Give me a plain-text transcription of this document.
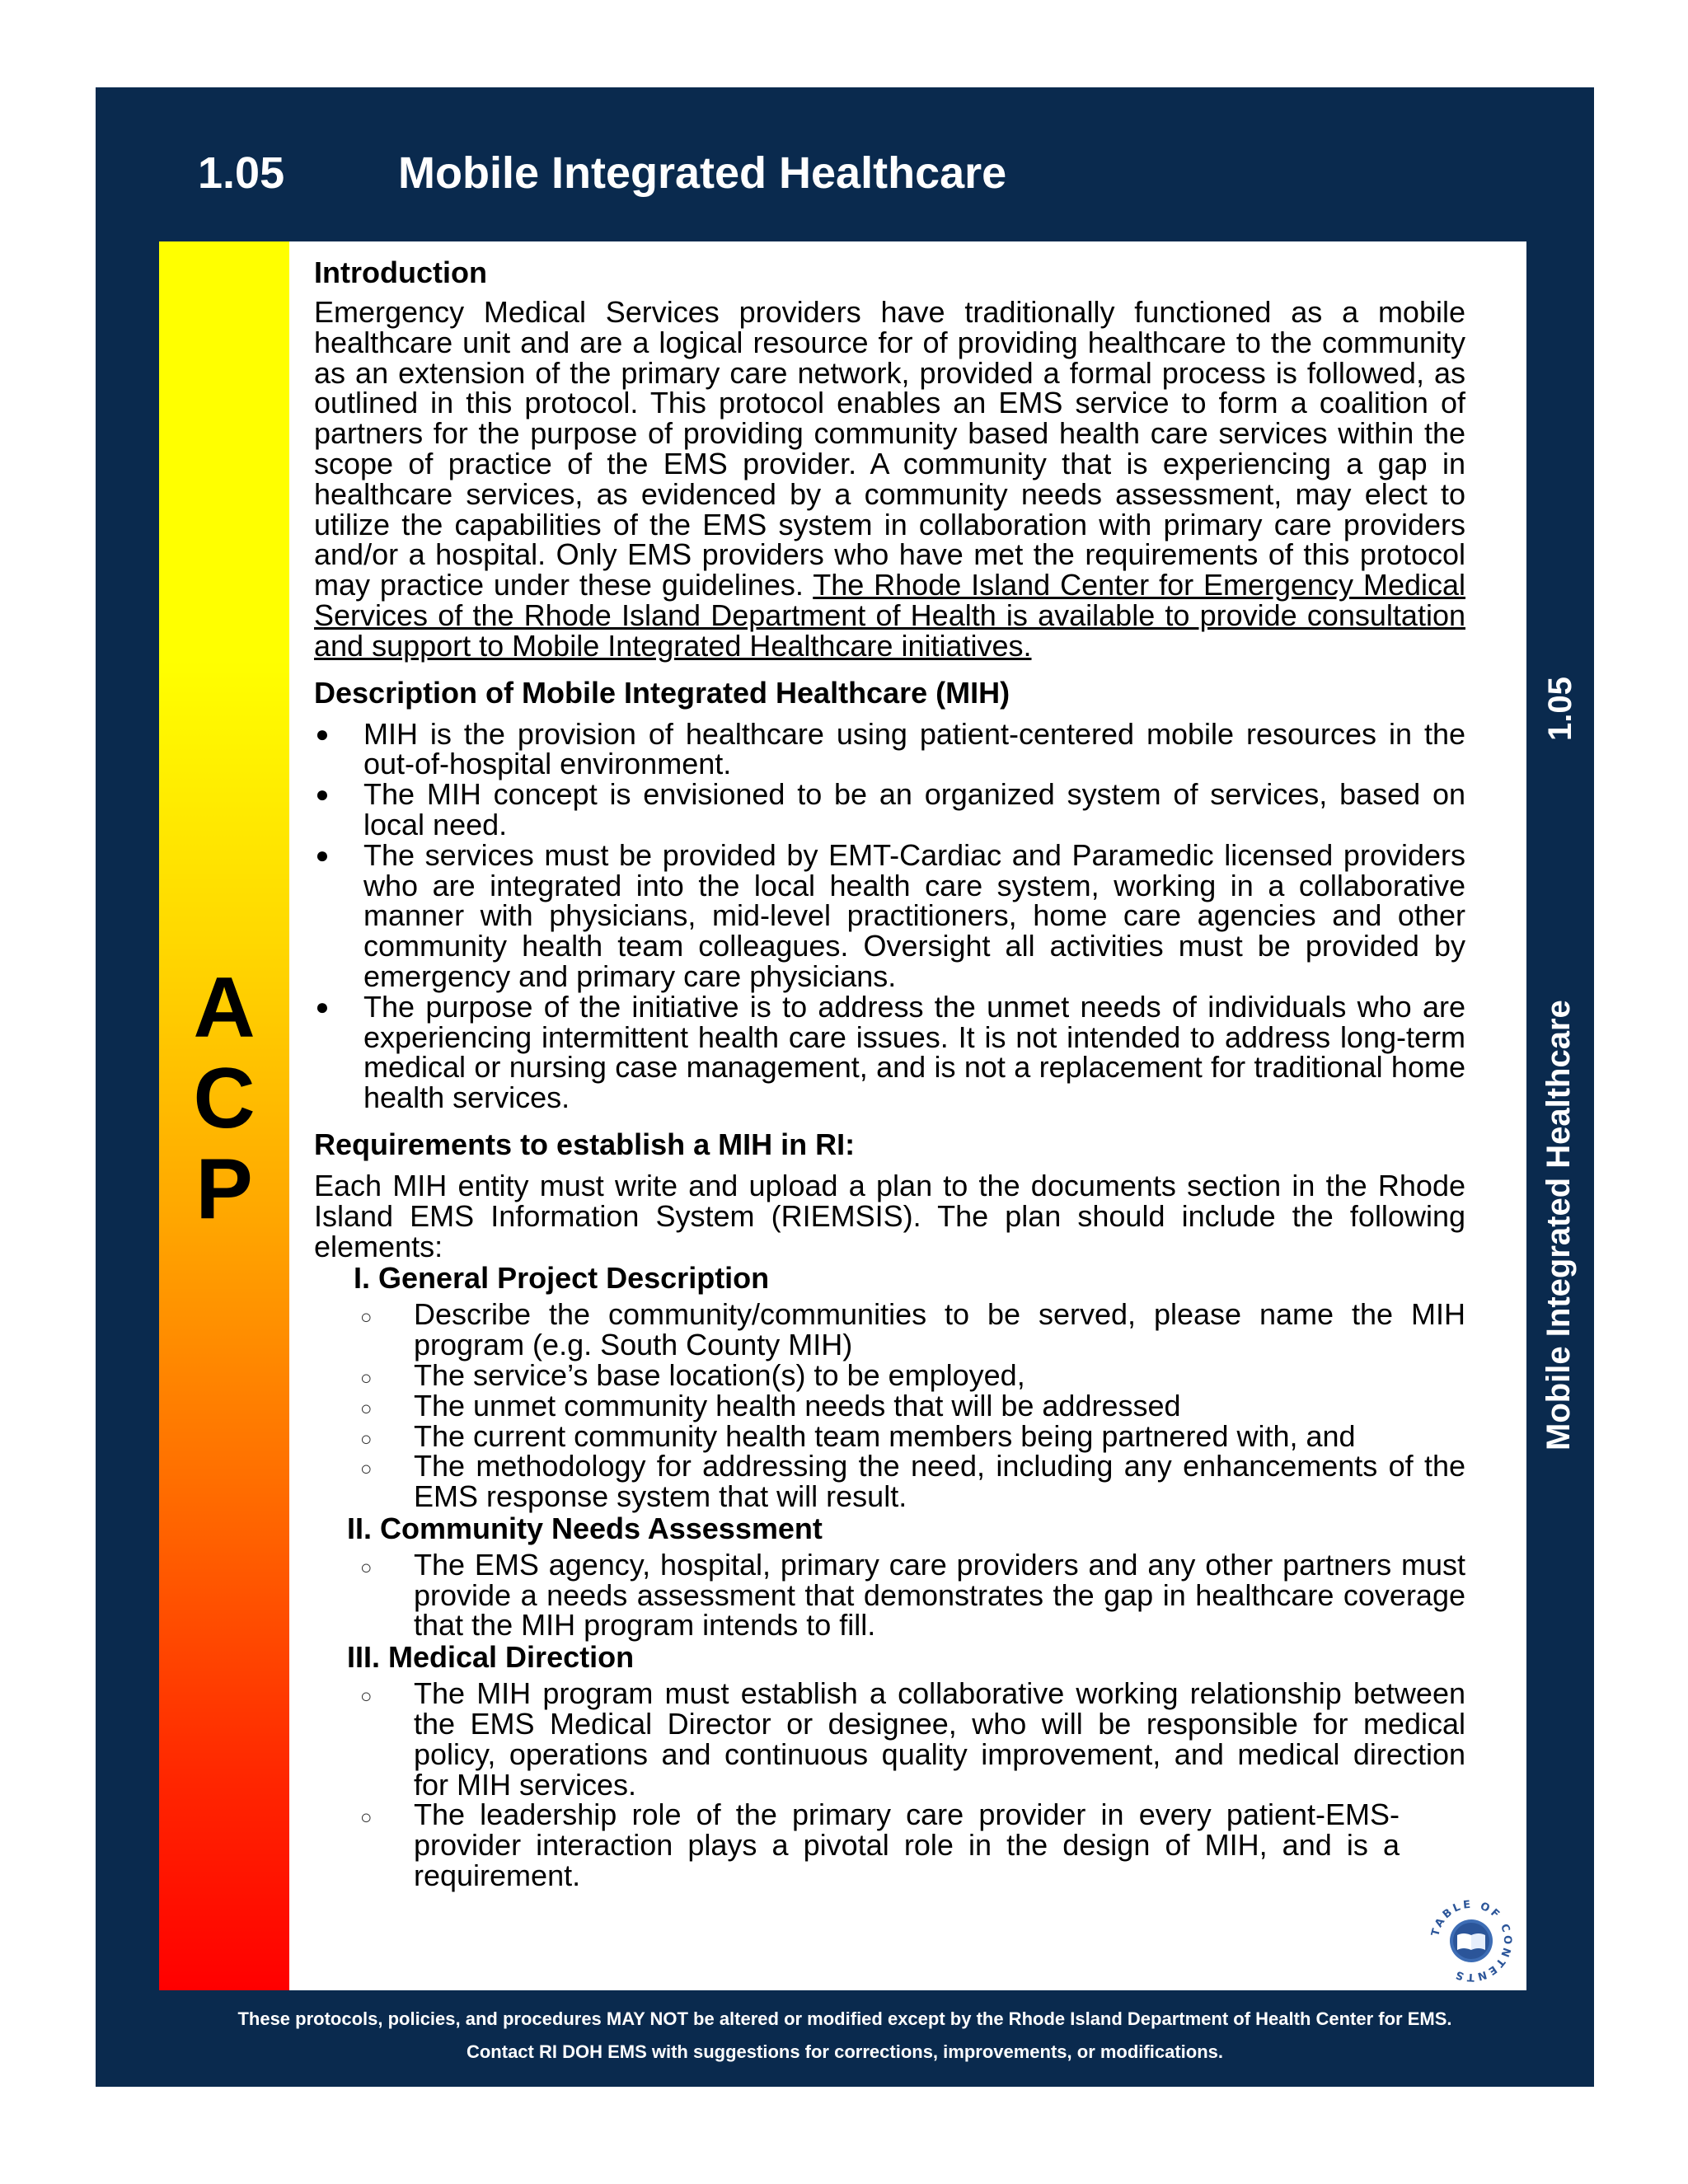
1.05	Mobile Integrated Healthcare
A
C
P
Introduction

Emergency Medical Services providers have traditionally functioned as a mobile healthcare unit and are a logical resource for of providing healthcare to the community as an extension of the primary care network, provided a formal process is followed, as outlined in this protocol. This protocol enables an EMS service to form a coalition of partners for the purpose of providing community based health care services within the scope of practice of the EMS provider. A community that is experiencing a gap in healthcare services, as evidenced by a community needs assessment, may elect to utilize the capabilities of the EMS system in collaboration with primary care providers and/or a hospital. Only EMS providers who have met the requirements of this protocol may practice under these guidelines. The Rhode Island Center for Emergency Medical Services of the Rhode Island Department of Health is available to provide consultation and support to Mobile Integrated Healthcare initiatives.

Description of Mobile Integrated Healthcare (MIH)
● MIH is the provision of healthcare using patient-centered mobile resources in the out-of-hospital environment.
● The MIH concept is envisioned to be an organized system of services, based on local need.
● The services must be provided by EMT-Cardiac and Paramedic licensed providers who are integrated into the local health care system, working in a collaborative manner with physicians, mid-level practitioners, home care agencies and other community health team colleagues. Oversight all activities must be provided by emergency and primary care physicians.
● The purpose of the initiative is to address the unmet needs of individuals who are experiencing intermittent health care issues. It is not intended to address long-term medical or nursing case management, and is not a replacement for traditional home health services.
Requirements to establish a MIH in RI:

Each MIH entity must write and upload a plan to the documents section in the Rhode Island EMS Information System (RIEMSIS). The plan should include the following elements:

I. General Project Description
○ Describe the community/communities to be served, please name the MIH program (e.g. South County MIH)
○ The service’s base location(s) to be employed,
○ The unmet community health needs that will be addressed
○ The current community health team members being partnered with, and
○ The methodology for addressing the need, including any enhancements of the EMS response system that will result.
II. Community Needs Assessment
○ The EMS agency, hospital, primary care providers and any other partners must provide a needs assessment that demonstrates the gap in healthcare coverage that the MIH program intends to fill.
III. Medical Direction
○ The MIH program must establish a collaborative working relationship between the EMS Medical Director or designee, who will be responsible for medical policy, operations and continuous quality improvement, and medical direction for MIH services.
○ The leadership role of the primary care provider in every patient-EMS-provider interaction plays a pivotal role in the design of MIH, and is a requirement.
1.05
Mobile Integrated Healthcare
TABLE OF CONTENTS
These protocols, policies, and procedures MAY NOT be altered or modified except by the Rhode Island Department of Health Center for EMS.
Contact RI DOH EMS with suggestions for corrections, improvements, or modifications.
